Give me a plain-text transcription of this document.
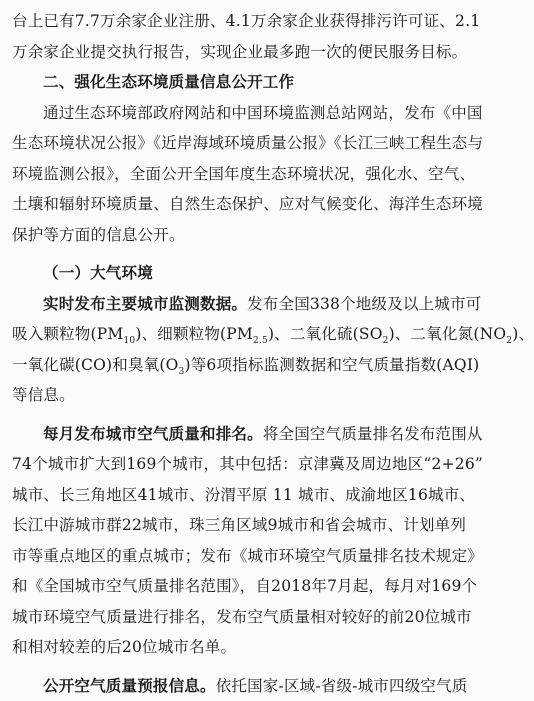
台上已有7.7万余家企业注册、4.1万余家企业获得排污许可证、2.1
万余家企业提交执行报告，实现企业最多跑一次的便民服务目标。
二、强化生态环境质量信息公开工作
通过生态环境部政府网站和中国环境监测总站网站，发布《中国
生态环境状况公报》《近岸海域环境质量公报》《长江三峡工程生态与
环境监测公报》，全面公开全国年度生态环境状况，强化水、空气、
土壤和辐射环境质量、自然生态保护、应对气候变化、海洋生态环境
保护等方面的信息公开。
（一）大气环境
实时发布主要城市监测数据。发布全国338个地级及以上城市可
吸入颗粒物$(PM_{10})$、细颗粒物$(PM_{2.5})$、二氧化硫$(SO_2)$、二氧化氮$(NO_2)$、
一氧化碳(CO)和臭氧$(O_3)$等6项指标监测数据和空气质量指数(AQI)
等信息。
每月发布城市空气质量和排名。将全国空气质量排名发布范围从
74个城市扩大到169个城市，其中包括：京津冀及周边地区“2+26”
城市、长三角地区41城市、汾渭平原 11 城市、成渝地区16城市、
长江中游城市群22城市，珠三角区域9城市和省会城市、计划单列
市等重点地区的重点城市；发布《城市环境空气质量排名技术规定》
和《全国城市空气质量排名范围》，自2018年7月起，每月对169个
城市环境空气质量进行排名，发布空气质量相对较好的前20位城市
和相对较差的后20位城市名单。
公开空气质量预报信息。依托国家-区域-省级-城市四级空气质
